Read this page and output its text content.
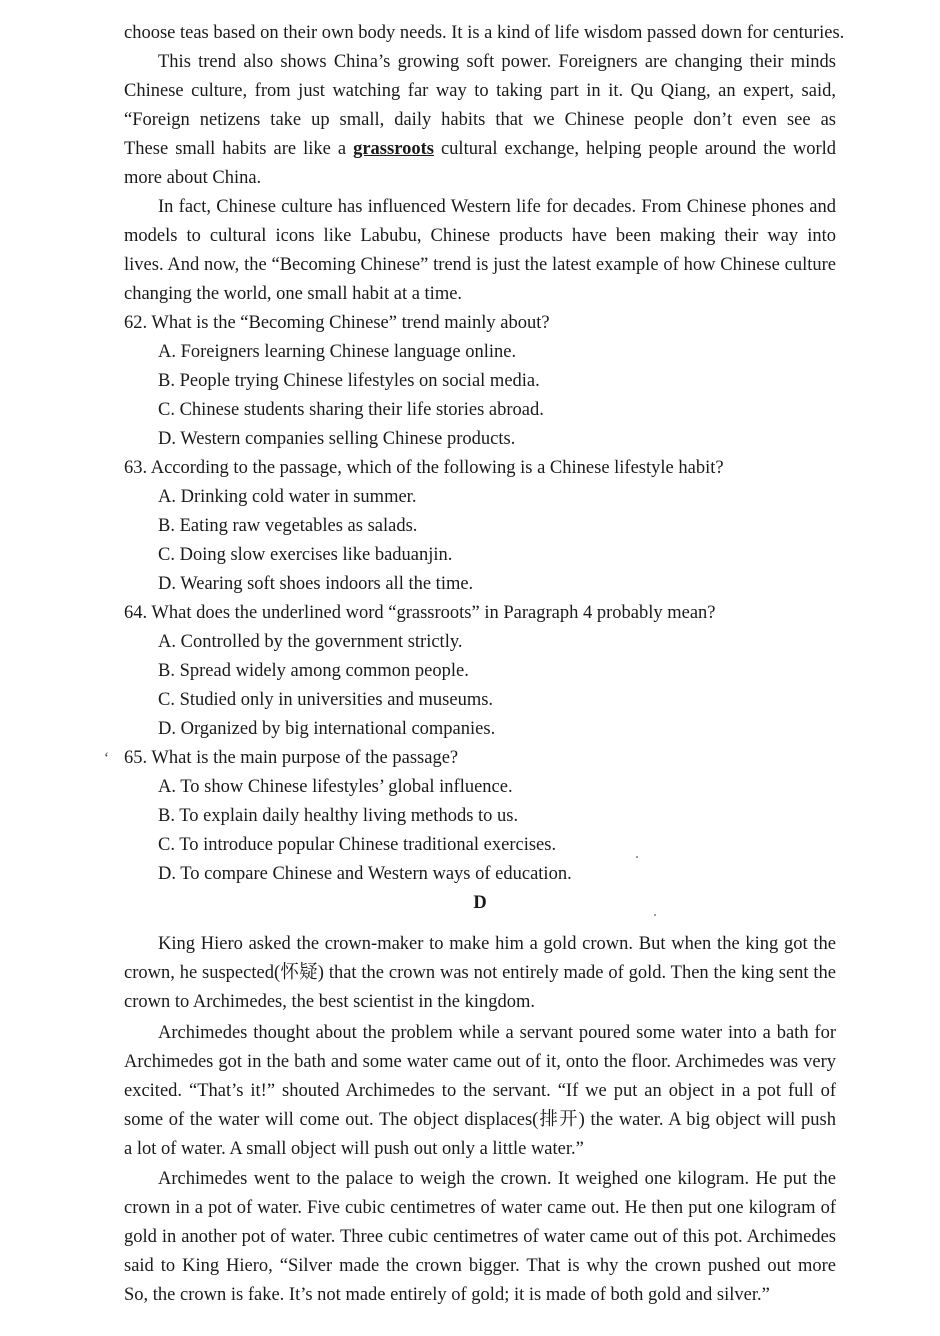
choose teas based on their own body needs. It is a kind of life wisdom passed down for centuries.
This trend also shows China’s growing soft power. Foreigners are changing their minds
Chinese culture, from just watching far way to taking part in it. Qu Qiang, an expert, said,
“Foreign netizens take up small, daily habits that we Chinese people don’t even see as
These small habits are like a grassroots cultural exchange, helping people around the world
more about China.
In fact, Chinese culture has influenced Western life for decades. From Chinese phones and
models to cultural icons like Labubu, Chinese products have been making their way into
lives. And now, the “Becoming Chinese” trend is just the latest example of how Chinese culture
changing the world, one small habit at a time.
62. What is the “Becoming Chinese” trend mainly about?
A. Foreigners learning Chinese language online.
B. People trying Chinese lifestyles on social media.
C. Chinese students sharing their life stories abroad.
D. Western companies selling Chinese products.
63. According to the passage, which of the following is a Chinese lifestyle habit?
A. Drinking cold water in summer.
B. Eating raw vegetables as salads.
C. Doing slow exercises like baduanjin.
D. Wearing soft shoes indoors all the time.
64. What does the underlined word “grassroots” in Paragraph 4 probably mean?
A. Controlled by the government strictly.
B. Spread widely among common people.
C. Studied only in universities and museums.
D. Organized by big international companies.
‘ 65. What is the main purpose of the passage?
A. To show Chinese lifestyles’ global influence.
B. To explain daily healthy living methods to us.
C. To introduce popular Chinese traditional exercises.
D. To compare Chinese and Western ways of education.
D
King Hiero asked the crown-maker to make him a gold crown. But when the king got the
crown, he suspected(怀疑) that the crown was not entirely made of gold. Then the king sent the
crown to Archimedes, the best scientist in the kingdom.
Archimedes thought about the problem while a servant poured some water into a bath for
Archimedes got in the bath and some water came out of it, onto the floor. Archimedes was very
excited. “That’s it!” shouted Archimedes to the servant. “If we put an object in a pot full of
some of the water will come out. The object displaces(排开) the water. A big object will push
a lot of water. A small object will push out only a little water.”
Archimedes went to the palace to weigh the crown. It weighed one kilogram. He put the
crown in a pot of water. Five cubic centimetres of water came out. He then put one kilogram of
gold in another pot of water. Three cubic centimetres of water came out of this pot. Archimedes
said to King Hiero, “Silver made the crown bigger. That is why the crown pushed out more
So, the crown is fake. It’s not made entirely of gold; it is made of both gold and silver.”
